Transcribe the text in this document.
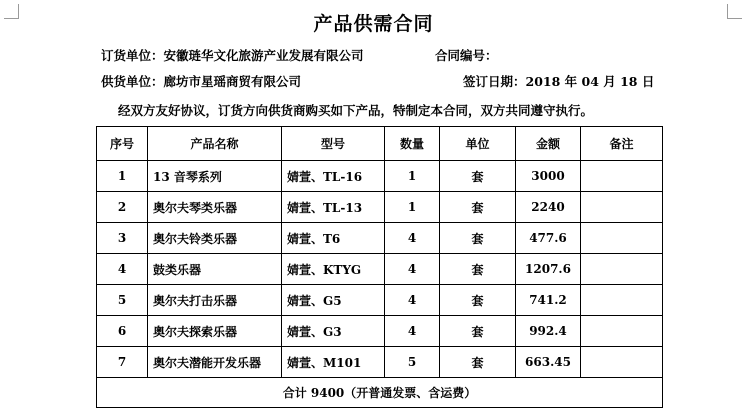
产品供需合同
订货单位：安徽琏华文化旅游产业发展有限公司	合同编号：
供货单位：廊坊市星瑶商贸有限公司	签订日期：2018 年 04 月 18 日
经双方友好协议，订货方向供货商购买如下产品，特制定本合同，双方共同遵守执行。
序号	产品名称	型号	数量	单位	金额	备注
1	13 音琴系列	婧萱、TL-16	1	套	3000	
2	奥尔夫琴类乐器	婧萱、TL-13	1	套	2240	
3	奥尔夫铃类乐器	婧萱、T6	4	套	477.6	
4	鼓类乐器	婧萱、KTYG	4	套	1207.6	
5	奥尔夫打击乐器	婧萱、G5	4	套	741.2	
6	奥尔夫探索乐器	婧萱、G3	4	套	992.4	
7	奥尔夫潜能开发乐器	婧萱、M101	5	套	663.45	
合计 9400（开普通发票、含运费）						
